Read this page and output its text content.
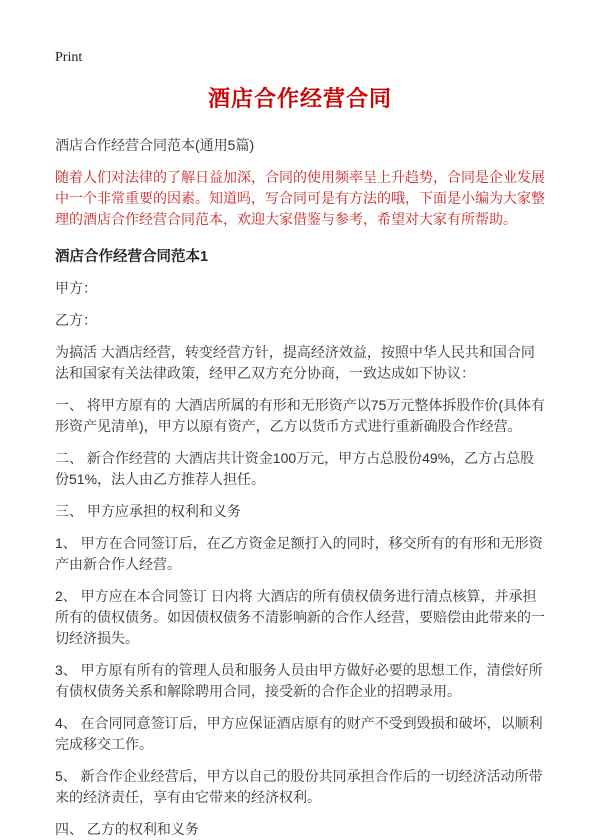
Print
酒店合作经营合同

酒店合作经营合同范本(通用5篇)

随着人们对法律的了解日益加深，合同的使用频率呈上升趋势，合同是企业发展中一个非常重要的因素。知道吗，写合同可是有方法的哦，下面是小编为大家整理的酒店合作经营合同范本，欢迎大家借鉴与参考，希望对大家有所帮助。

酒店合作经营合同范本1

甲方：

乙方：

为搞活 大酒店经营，转变经营方针，提高经济效益，按照中华人民共和国合同法和国家有关法律政策，经甲乙双方充分协商，一致达成如下协议：

一、 将甲方原有的 大酒店所属的有形和无形资产以75万元整体拆股作价(具体有形资产见清单)，甲方以原有资产，乙方以货币方式进行重新确股合作经营。

二、 新合作经营的 大酒店共计资金100万元，甲方占总股份49%，乙方占总股份51%，法人由乙方推荐人担任。

三、 甲方应承担的权利和义务

1、 甲方在合同签订后，在乙方资金足额打入的同时，移交所有的有形和无形资产由新合作人经营。

2、 甲方应在本合同签订 日内将 大酒店的所有债权债务进行清点核算，并承担所有的债权债务。如因债权债务不清影响新的合作人经营，要赔偿由此带来的一切经济损失。

3、 甲方原有所有的管理人员和服务人员由甲方做好必要的思想工作，清偿好所有债权债务关系和解除聘用合同，接受新的合作企业的招聘录用。

4、 在合同同意签订后，甲方应保证酒店原有的财产不受到毁损和破坏，以顺利完成移交工作。

5、 新合作企业经营后，甲方以自己的股份共同承担合作后的一切经济活动所带来的经济责任，享有由它带来的经济权利。

四、 乙方的权利和义务
